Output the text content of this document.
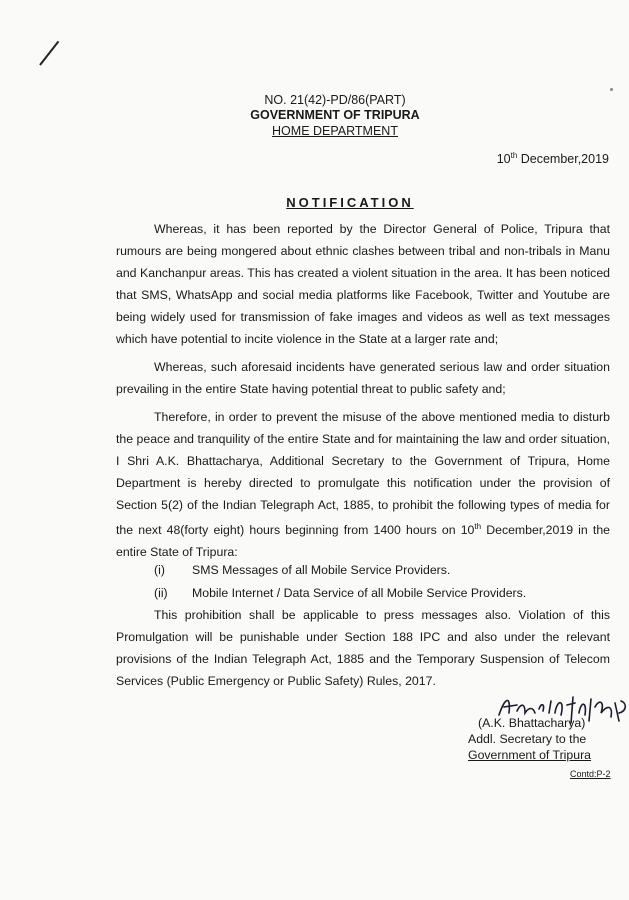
NO. 21(42)-PD/86(PART)
GOVERNMENT OF TRIPURA
HOME DEPARTMENT
10th December,2019
NOTIFICATION

Whereas, it has been reported by the Director General of Police, Tripura that rumours are being mongered about ethnic clashes between tribal and non-tribals in Manu and Kanchanpur areas. This has created a violent situation in the area. It has been noticed that SMS, WhatsApp and social media platforms like Facebook, Twitter and Youtube are being widely used for transmission of fake images and videos as well as text messages which have potential to incite violence in the State at a larger rate and;

Whereas, such aforesaid incidents have generated serious law and order situation prevailing in the entire State having potential threat to public safety and;

Therefore, in order to prevent the misuse of the above mentioned media to disturb the peace and tranquility of the entire State and for maintaining the law and order situation, I Shri A.K. Bhattacharya, Additional Secretary to the Government of Tripura, Home Department is hereby directed to promulgate this notification under the provision of Section 5(2) of the Indian Telegraph Act, 1885, to prohibit the following types of media for the next 48(forty eight) hours beginning from 1400 hours on 10th December,2019 in the entire State of Tripura:

(i) SMS Messages of all Mobile Service Providers.
(ii) Mobile Internet / Data Service of all Mobile Service Providers.

This prohibition shall be applicable to press messages also. Violation of this Promulgation will be punishable under Section 188 IPC and also under the relevant provisions of the Indian Telegraph Act, 1885 and the Temporary Suspension of Telecom Services (Public Emergency or Public Safety) Rules, 2017.

(A.K. Bhattacharya)
Addl. Secretary to the
Government of Tripura
Contd:P-2
